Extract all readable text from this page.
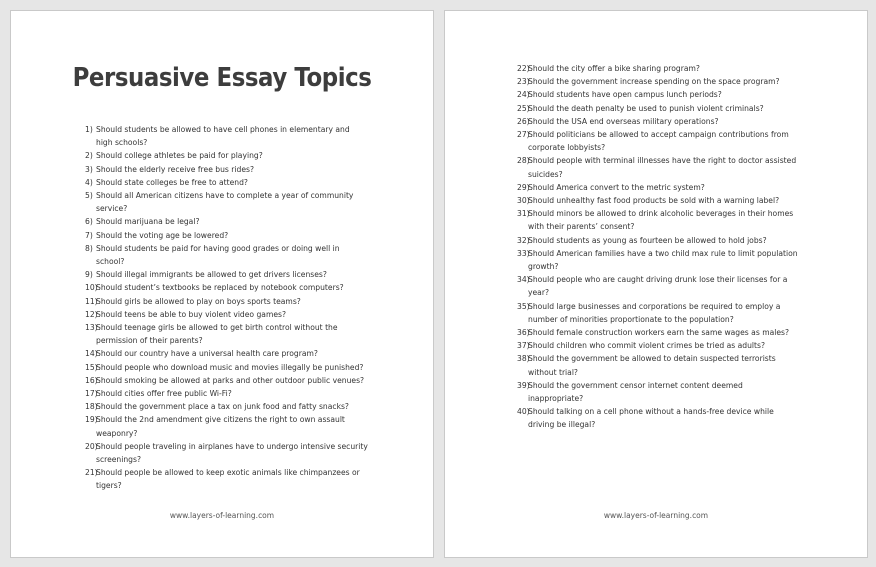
Persuasive Essay Topics
1) Should students be allowed to have cell phones in elementary and
high schools?
2) Should college athletes be paid for playing?
3) Should the elderly receive free bus rides?
4) Should state colleges be free to attend?
5) Should all American citizens have to complete a year of community
service?
6) Should marijuana be legal?
7) Should the voting age be lowered?
8) Should students be paid for having good grades or doing well in
school?
9) Should illegal immigrants be allowed to get drivers licenses?
10)Should student’s textbooks be replaced by notebook computers?
11)Should girls be allowed to play on boys sports teams?
12)Should teens be able to buy violent video games?
13)Should teenage girls be allowed to get birth control without the
permission of their parents?
14)Should our country have a universal health care program?
15)Should people who download music and movies illegally be punished?
16)Should smoking be allowed at parks and other outdoor public venues?
17)Should cities offer free public Wi-Fi?
18)Should the government place a tax on junk food and fatty snacks?
19)Should the 2nd amendment give citizens the right to own assault
weaponry?
20)Should people traveling in airplanes have to undergo intensive security
screenings?
21)Should people be allowed to keep exotic animals like chimpanzees or
tigers?
www.layers-of-learning.com
22)Should the city offer a bike sharing program?
23)Should the government increase spending on the space program?
24)Should students have open campus lunch periods?
25)Should the death penalty be used to punish violent criminals?
26)Should the USA end overseas military operations?
27)Should politicians be allowed to accept campaign contributions from
corporate lobbyists?
28)Should people with terminal illnesses have the right to doctor assisted
suicides?
29)Should America convert to the metric system?
30)Should unhealthy fast food products be sold with a warning label?
31)Should minors be allowed to drink alcoholic beverages in their homes
with their parents’ consent?
32)Should students as young as fourteen be allowed to hold jobs?
33)Should American families have a two child max rule to limit population
growth?
34)Should people who are caught driving drunk lose their licenses for a
year?
35)Should large businesses and corporations be required to employ a
number of minorities proportionate to the population?
36)Should female construction workers earn the same wages as males?
37)Should children who commit violent crimes be tried as adults?
38)Should the government be allowed to detain suspected terrorists
without trial?
39)Should the government censor internet content deemed
inappropriate?
40)Should talking on a cell phone without a hands-free device while
driving be illegal?
www.layers-of-learning.com
